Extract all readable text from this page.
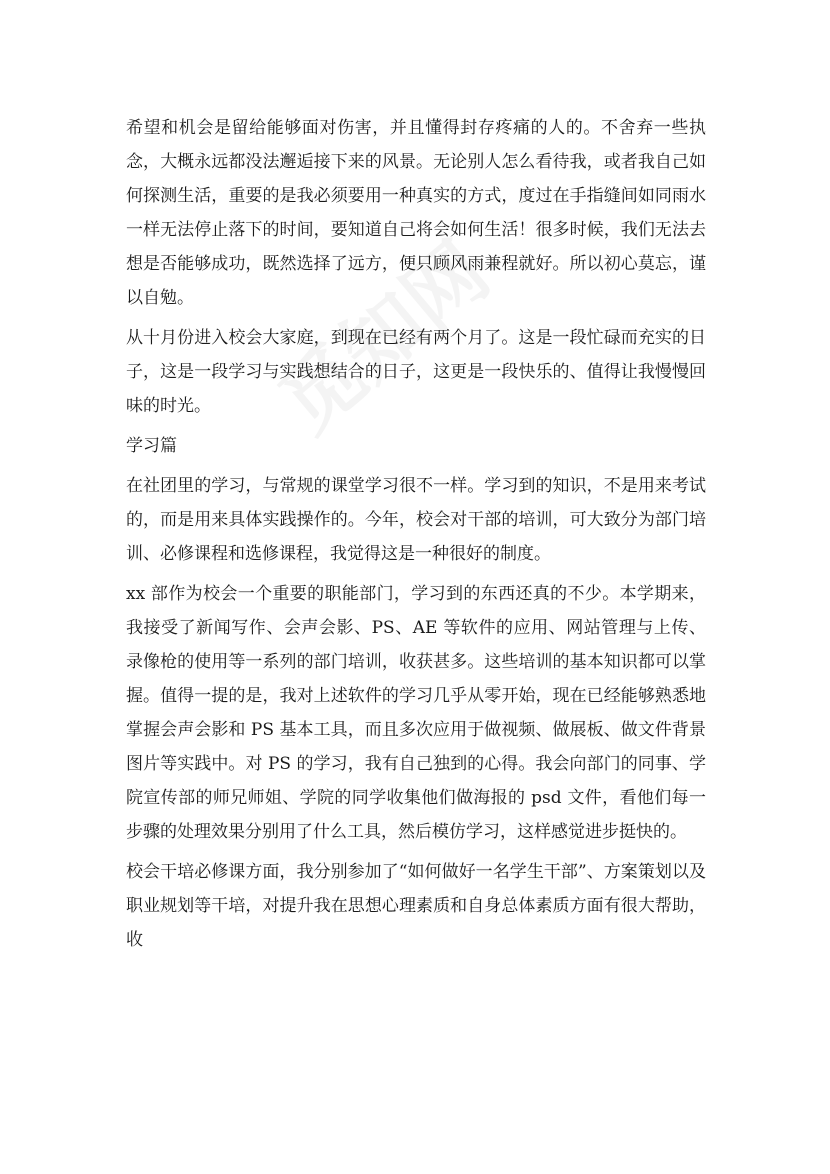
希望和机会是留给能够面对伤害，并且懂得封存疼痛的人的。不舍弃一些执念，大概永远都没法邂逅接下来的风景。无论别人怎么看待我，或者我自己如何探测生活，重要的是我必须要用一种真实的方式，度过在手指缝间如同雨水一样无法停止落下的时间，要知道自己将会如何生活！很多时候，我们无法去想是否能够成功，既然选择了远方，便只顾风雨兼程就好。所以初心莫忘，谨以自勉。

从十月份进入校会大家庭，到现在已经有两个月了。这是一段忙碌而充实的日子，这是一段学习与实践想结合的日子，这更是一段快乐的、值得让我慢慢回味的时光。

学习篇

在社团里的学习，与常规的课堂学习很不一样。学习到的知识，不是用来考试的，而是用来具体实践操作的。今年，校会对干部的培训，可大致分为部门培训、必修课程和选修课程，我觉得这是一种很好的制度。

xx 部作为校会一个重要的职能部门，学习到的东西还真的不少。本学期来，我接受了新闻写作、会声会影、PS、AE 等软件的应用、网站管理与上传、录像枪的使用等一系列的部门培训，收获甚多。这些培训的基本知识都可以掌握。值得一提的是，我对上述软件的学习几乎从零开始，现在已经能够熟悉地掌握会声会影和 PS 基本工具，而且多次应用于做视频、做展板、做文件背景图片等实践中。对 PS 的学习，我有自己独到的心得。我会向部门的同事、学院宣传部的师兄师姐、学院的同学收集他们做海报的 psd 文件，看他们每一步骤的处理效果分别用了什么工具，然后模仿学习，这样感觉进步挺快的。

校会干培必修课方面，我分别参加了“如何做好一名学生干部”、方案策划以及职业规划等干培，对提升我在思想心理素质和自身总体素质方面有很大帮助，收
